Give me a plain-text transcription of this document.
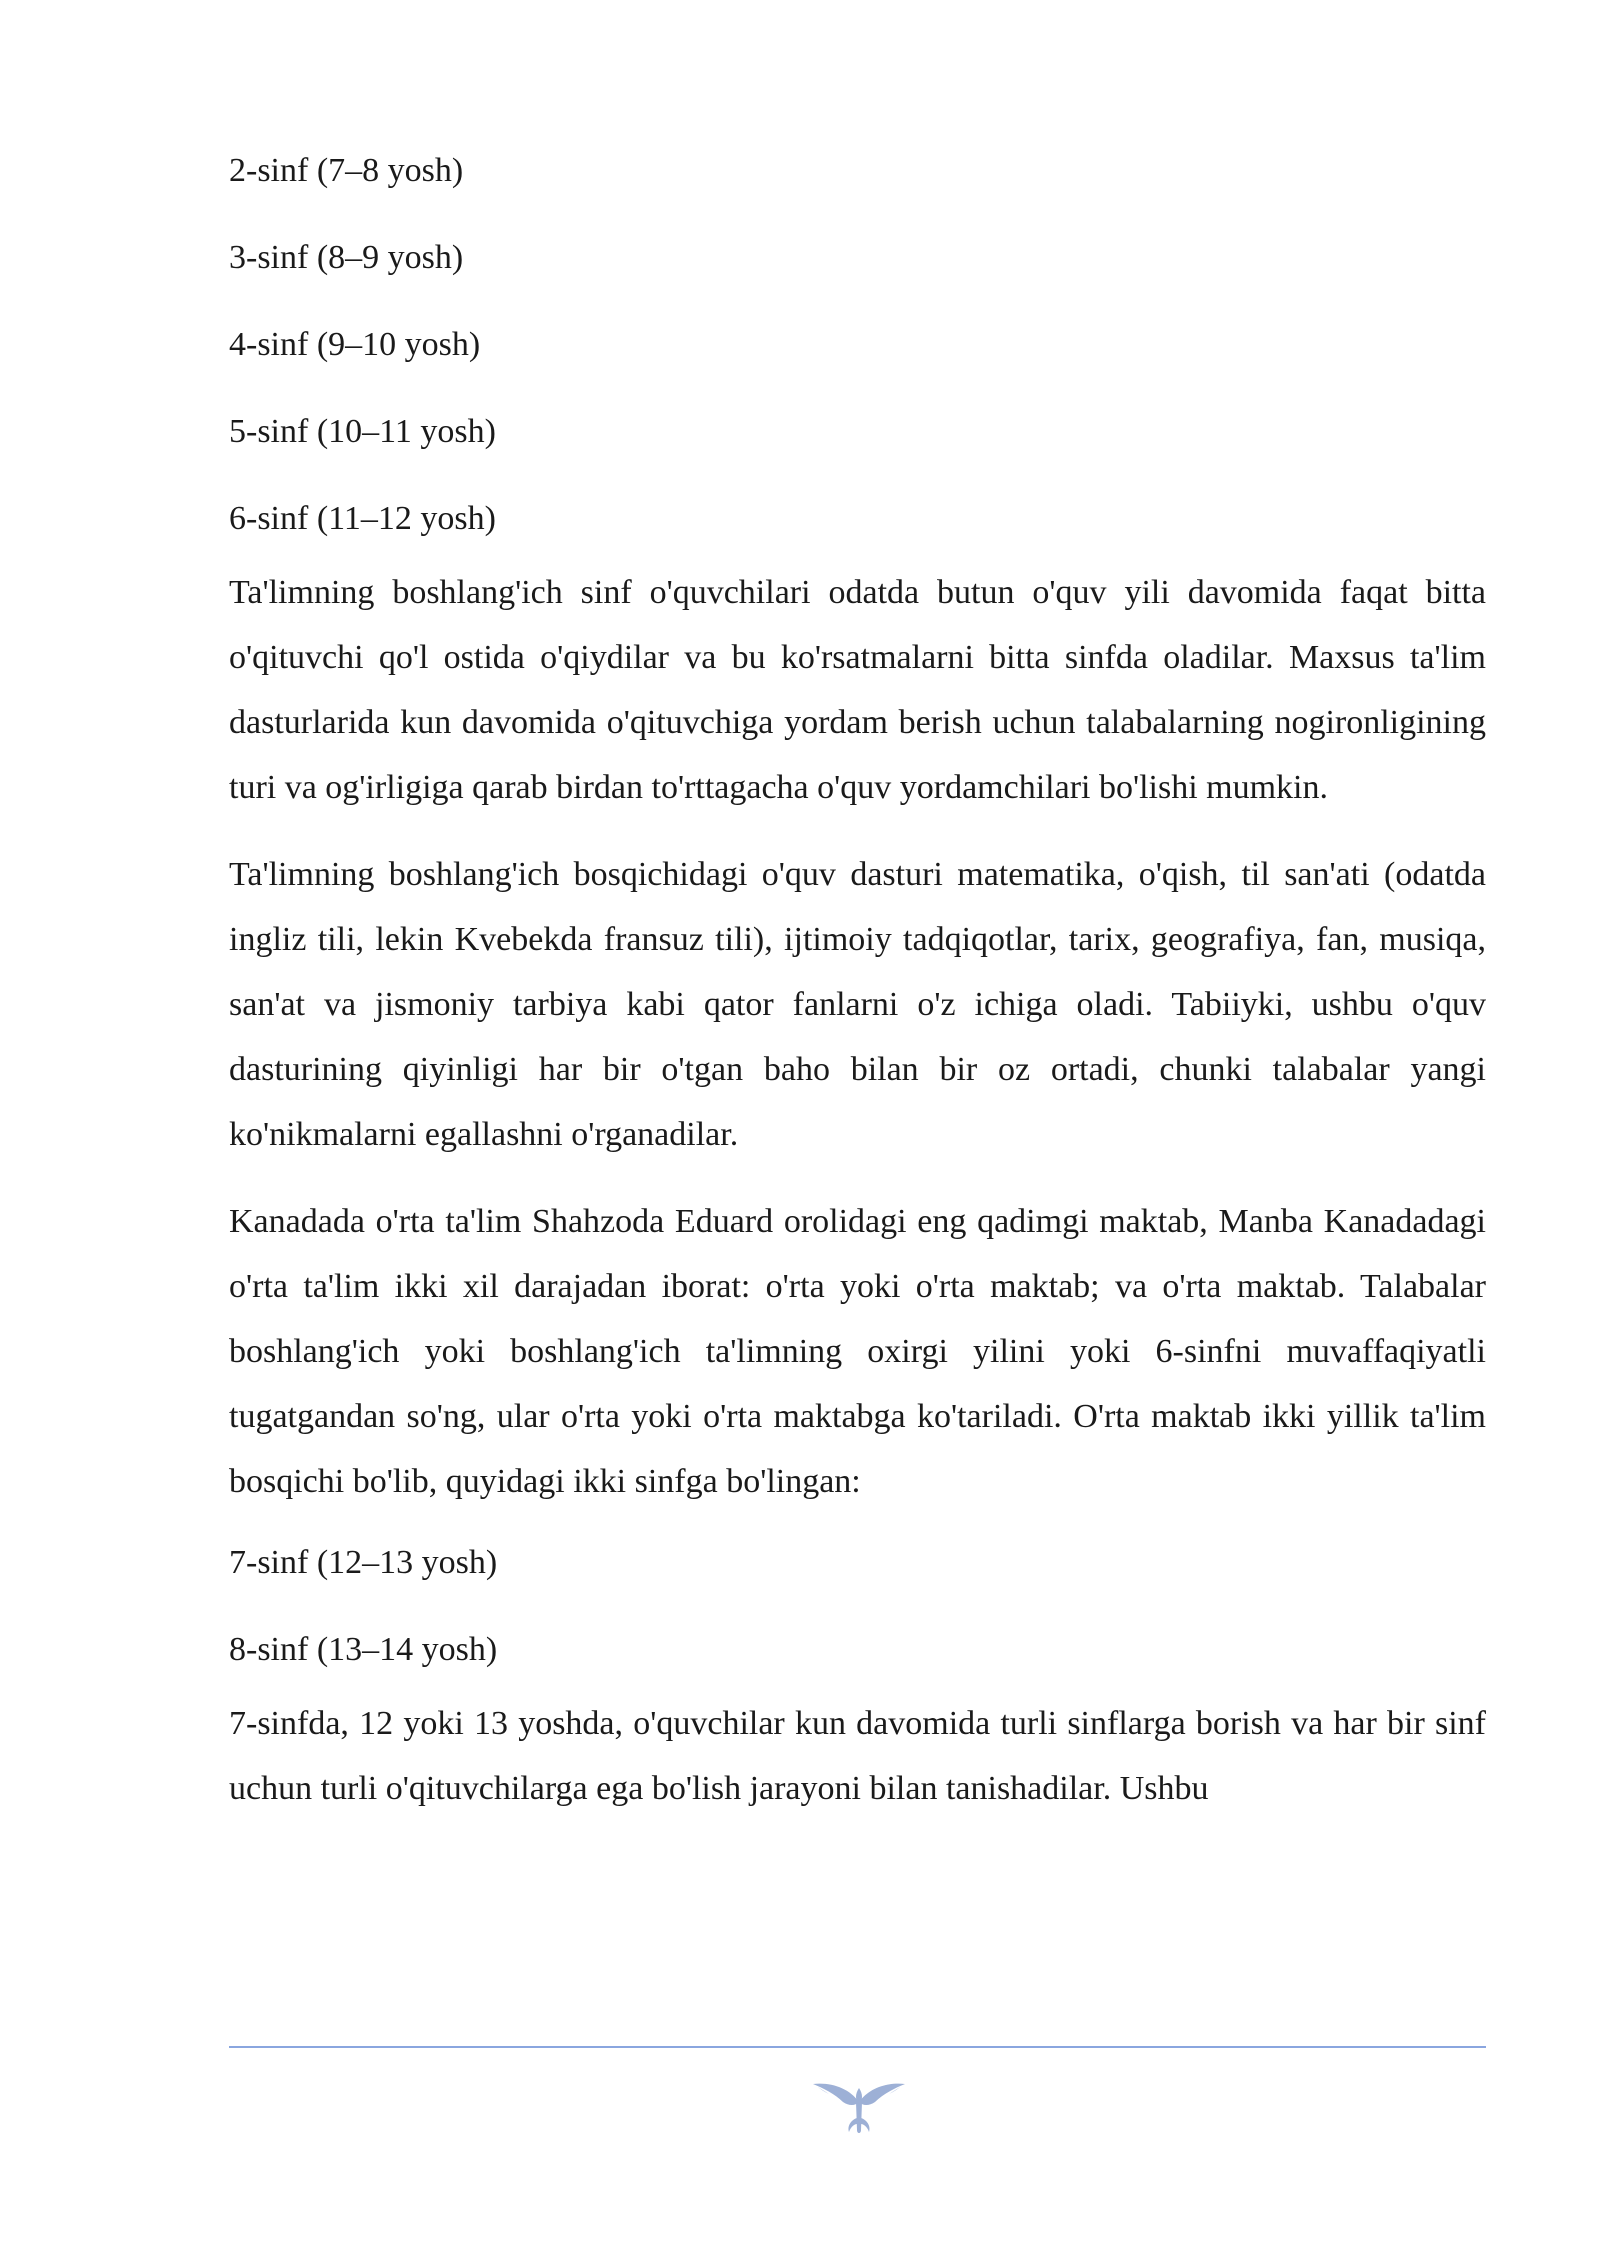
2-sinf (7–8 yosh)

3-sinf (8–9 yosh)

4-sinf (9–10 yosh)

5-sinf (10–11 yosh)

6-sinf (11–12 yosh)

Ta'limning boshlang'ich sinf o'quvchilari odatda butun o'quv yili davomida faqat bitta o'qituvchi qo'l ostida o'qiydilar va bu ko'rsatmalarni bitta sinfda oladilar. Maxsus ta'lim dasturlarida kun davomida o'qituvchiga yordam berish uchun talabalarning nogironligining turi va og'irligiga qarab birdan to'rttagacha o'quv yordamchilari bo'lishi mumkin.

Ta'limning boshlang'ich bosqichidagi o'quv dasturi matematika, o'qish, til san'ati (odatda ingliz tili, lekin Kvebekda fransuz tili), ijtimoiy tadqiqotlar, tarix, geografiya, fan, musiqa, san'at va jismoniy tarbiya kabi qator fanlarni o'z ichiga oladi. Tabiiyki, ushbu o'quv dasturining qiyinligi har bir o'tgan baho bilan bir oz ortadi, chunki talabalar yangi ko'nikmalarni egallashni o'rganadilar.

Kanadada o'rta ta'lim Shahzoda Eduard orolidagi eng qadimgi maktab, Manba Kanadadagi o'rta ta'lim ikki xil darajadan iborat: o'rta yoki o'rta maktab; va o'rta maktab. Talabalar boshlang'ich yoki boshlang'ich ta'limning oxirgi yilini yoki 6-sinfni muvaffaqiyatli tugatgandan so'ng, ular o'rta yoki o'rta maktabga ko'tariladi. O'rta maktab ikki yillik ta'lim bosqichi bo'lib, quyidagi ikki sinfga bo'lingan:

7-sinf (12–13 yosh)

8-sinf (13–14 yosh)

7-sinfda, 12 yoki 13 yoshda, o'quvchilar kun davomida turli sinflarga borish va har bir sinf uchun turli o'qituvchilarga ega bo'lish jarayoni bilan tanishadilar. Ushbu
